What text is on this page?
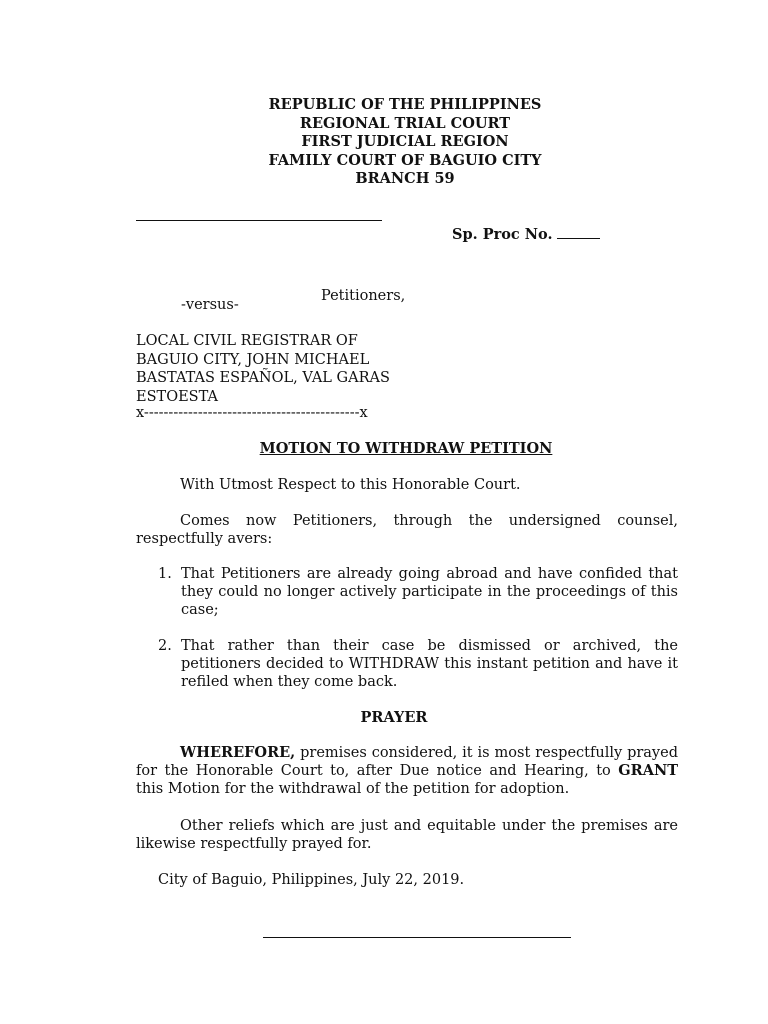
REPUBLIC OF THE PHILIPPINES
REGIONAL TRIAL COURT
FIRST JUDICIAL REGION
FAMILY COURT OF BAGUIO CITY
BRANCH 59
Sp. Proc No.
Petitioners,
-versus-
LOCAL CIVIL REGISTRAR OF
BAGUIO CITY, JOHN MICHAEL
BASTATAS ESPAÑOL, VAL GARAS
ESTOESTA
x--------------------------------------------x
MOTION TO WITHDRAW PETITION
With Utmost Respect to this Honorable Court.
Comes now Petitioners, through the undersigned counsel, respectfully avers:
1. That Petitioners are already going abroad and have confided that they could no longer actively participate in the proceedings of this case;
2. That rather than their case be dismissed or archived, the petitioners decided to WITHDRAW this instant petition and have it refiled when they come back.
PRAYER
WHEREFORE, premises considered, it is most respectfully prayed for the Honorable Court to, after Due notice and Hearing, to GRANT this Motion for the withdrawal of the petition for adoption.
Other reliefs which are just and equitable under the premises are likewise respectfully prayed for.
City of Baguio, Philippines, July 22, 2019.
